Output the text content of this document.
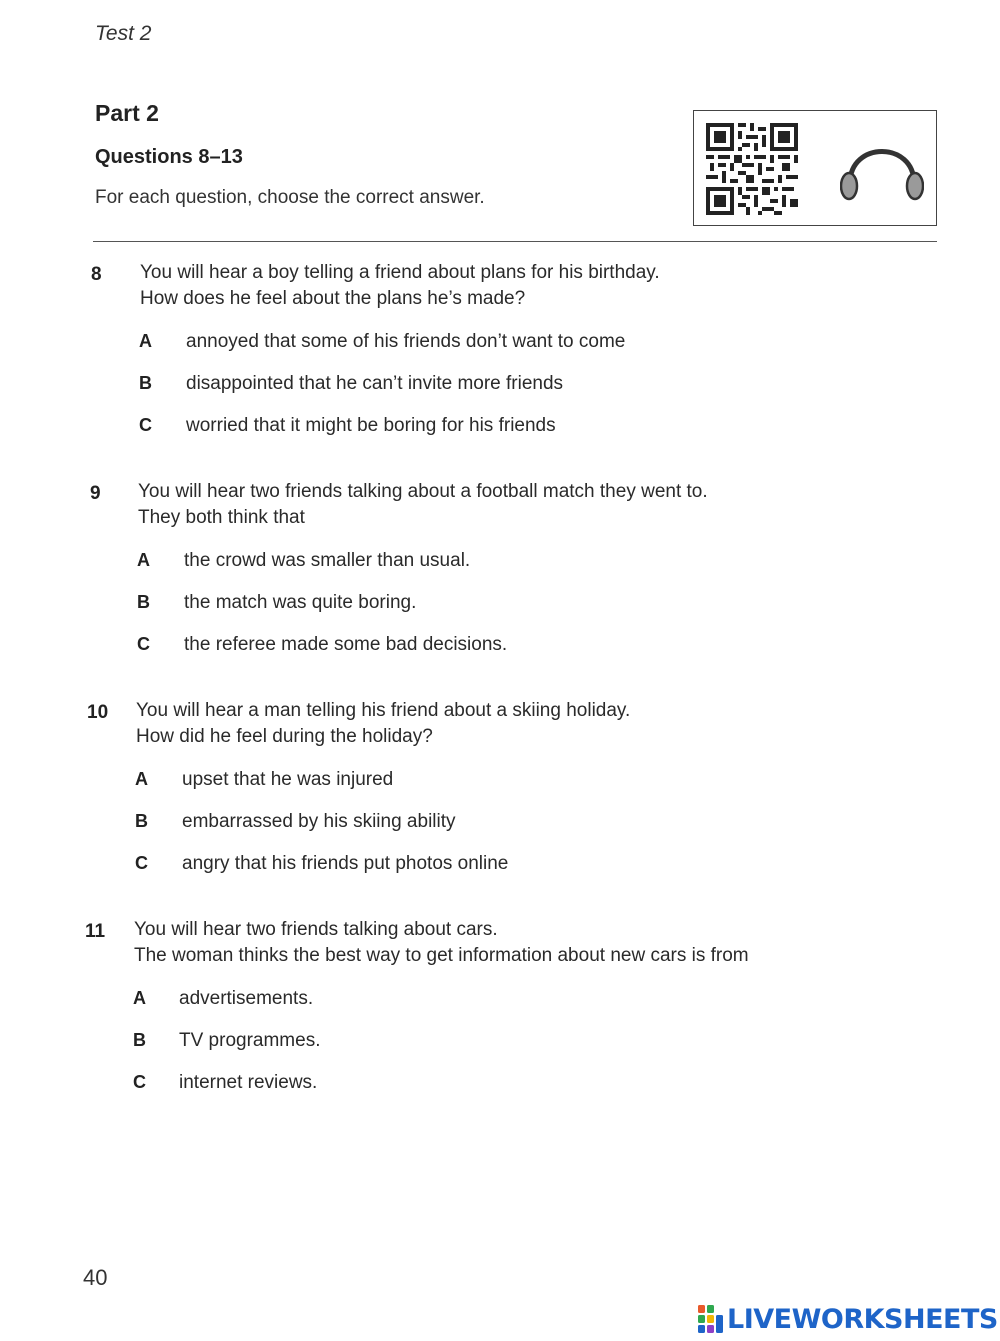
Test 2
Part 2
Questions 8–13
For each question, choose the correct answer.
8 You will hear a boy telling a friend about plans for his birthday.
How does he feel about the plans he’s made?
A annoyed that some of his friends don’t want to come
B disappointed that he can’t invite more friends
C worried that it might be boring for his friends
9 You will hear two friends talking about a football match they went to.
They both think that
A the crowd was smaller than usual.
B the match was quite boring.
C the referee made some bad decisions.
10 You will hear a man telling his friend about a skiing holiday.
How did he feel during the holiday?
A upset that he was injured
B embarrassed by his skiing ability
C angry that his friends put photos online
11 You will hear two friends talking about cars.
The woman thinks the best way to get information about new cars is from
A advertisements.
B TV programmes.
C internet reviews.
40
LIVEWORKSHEETS
